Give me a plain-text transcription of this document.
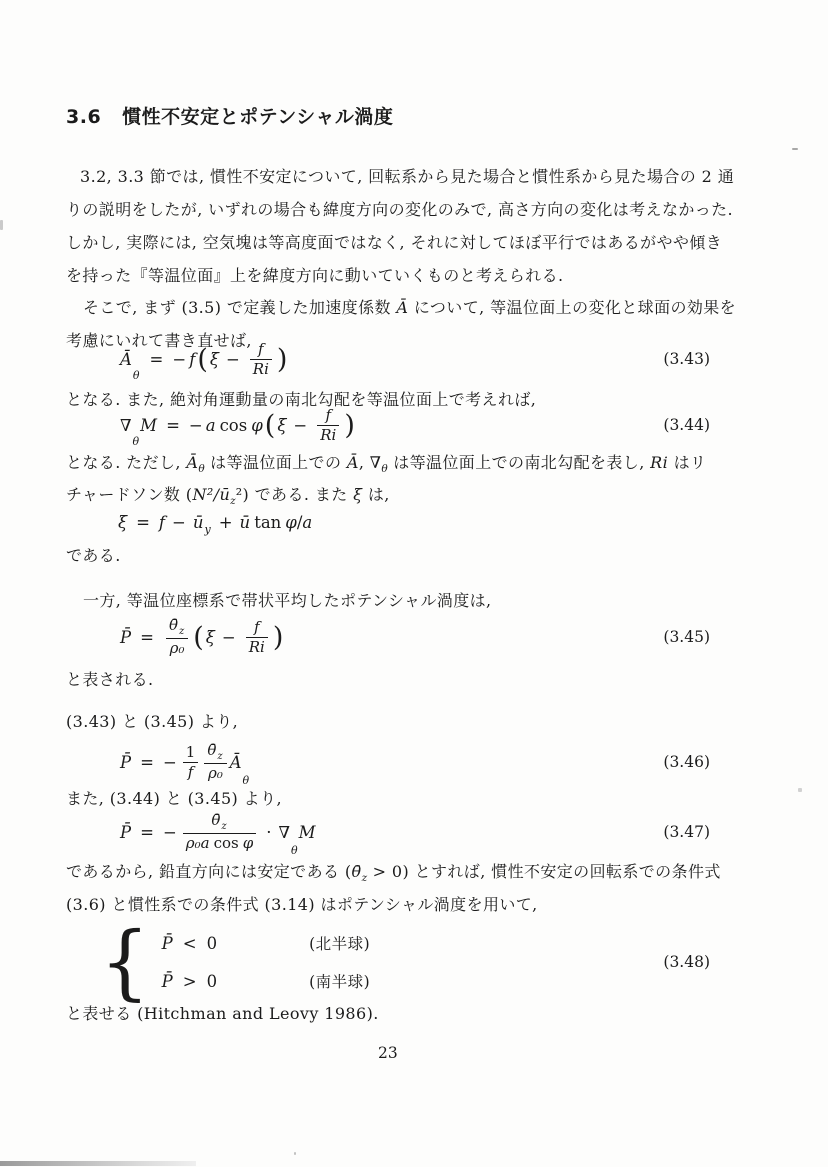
3.6 慣性不安定とポテンシャル渦度
3.2, 3.3 節では, 慣性不安定について, 回転系から見た場合と慣性系から見た場合の 2 通
りの説明をしたが, いずれの場合も緯度方向の変化のみで, 高さ方向の変化は考えなかった.
しかし, 実際には, 空気塊は等高度面ではなく, それに対してほぼ平行ではあるがやや傾き
を持った『等温位面』上を緯度方向に動いていくものと考えられる.
そこで, まず (3.5) で定義した加速度係数 Ā について, 等温位面上の変化と球面の効果を
考慮にいれて書き直せば,
Ā
θ
= − f ( $\xi - \frac{f}{Ri}$ )	(3.43)
となる. また, 絶対角運動量の南北勾配を等温位面上で考えれば,
∇
θ
M = − a cos φ ( $\xi - \frac{f}{Ri}$ )	(3.44)
となる. ただし, $Ā_\theta$ は等温位面上での Ā, $\nabla_\theta$ は等温位面上での南北勾配を表し, Ri はリ
チャードソン数 $(N^2/ū_z^2)$ である. また ξ は,
$\xi = f - ū_y$ + ū tan φ / a
である.
一方, 等温位座標系で帯状平均したポテンシャル渦度は,
P̄ = $\frac{\thetā_z}{\text{ρ₀}}$ ( $\xi - \frac{f}{Ri}$ )	(3.45)
と表される.
(3.43) と (3.45) より,
P̄ = − $\frac{1}{f} \frac{\thetā_z}{\text{ρ₀}}$ Ā
θ
(3.46)
また, (3.44) と (3.45) より,
P̄ = − $\frac{\thetā_z}{\text{ρ₀a cos φ}}$ · ∇
θ
M	(3.47)
であるから, 鉛直方向には安定である $(\thetā_z > 0)$ とすれば, 慣性不安定の回転系での条件式
(3.6) と慣性系での条件式 (3.14) はポテンシャル渦度を用いて,
{ P̄ < 0	(北半球)
P̄ > 0	(南半球)
(3.48)
と表せる (Hitchman and Leovy 1986).
23
